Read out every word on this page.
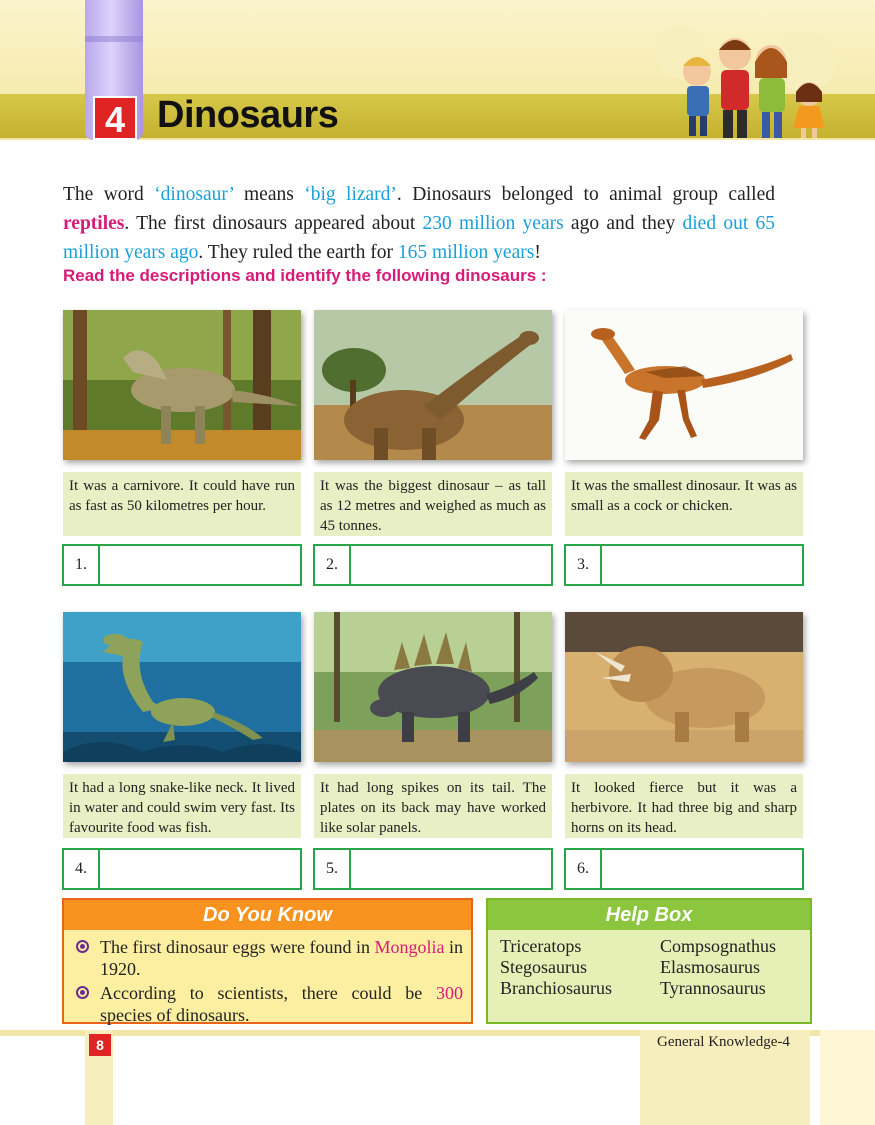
4 Dinosaurs
The word ‘dinosaur’ means ‘big lizard’. Dinosaurs belonged to animal group called reptiles. The first dinosaurs appeared about 230 million years ago and they died out 65 million years ago. They ruled the earth for 165 million years!
Read the descriptions and identify the following dinosaurs :
It was a carnivore. It could have run as fast as 50 kilometres per hour.
It was the biggest dinosaur – as tall as 12 metres and weighed as much as 45 tonnes.
It was the smallest dinosaur. It was as small as a cock or chicken.
1.	2.	3.
It had a long snake-like neck. It lived in water and could swim very fast. Its favourite food was fish.
It had long spikes on its tail. The plates on its back may have worked like solar panels.
It looked fierce but it was a herbivore. It had three big and sharp horns on its head.
4.	5.	6.
Do You Know
The first dinosaur eggs were found in Mongolia in 1920.
According to scientists, there could be 300 species of dinosaurs.
Help Box
Triceratops	Compsognathus
Stegosaurus	Elasmosaurus
Branchiosaurus	Tyrannosaurus
8	General Knowledge-4
